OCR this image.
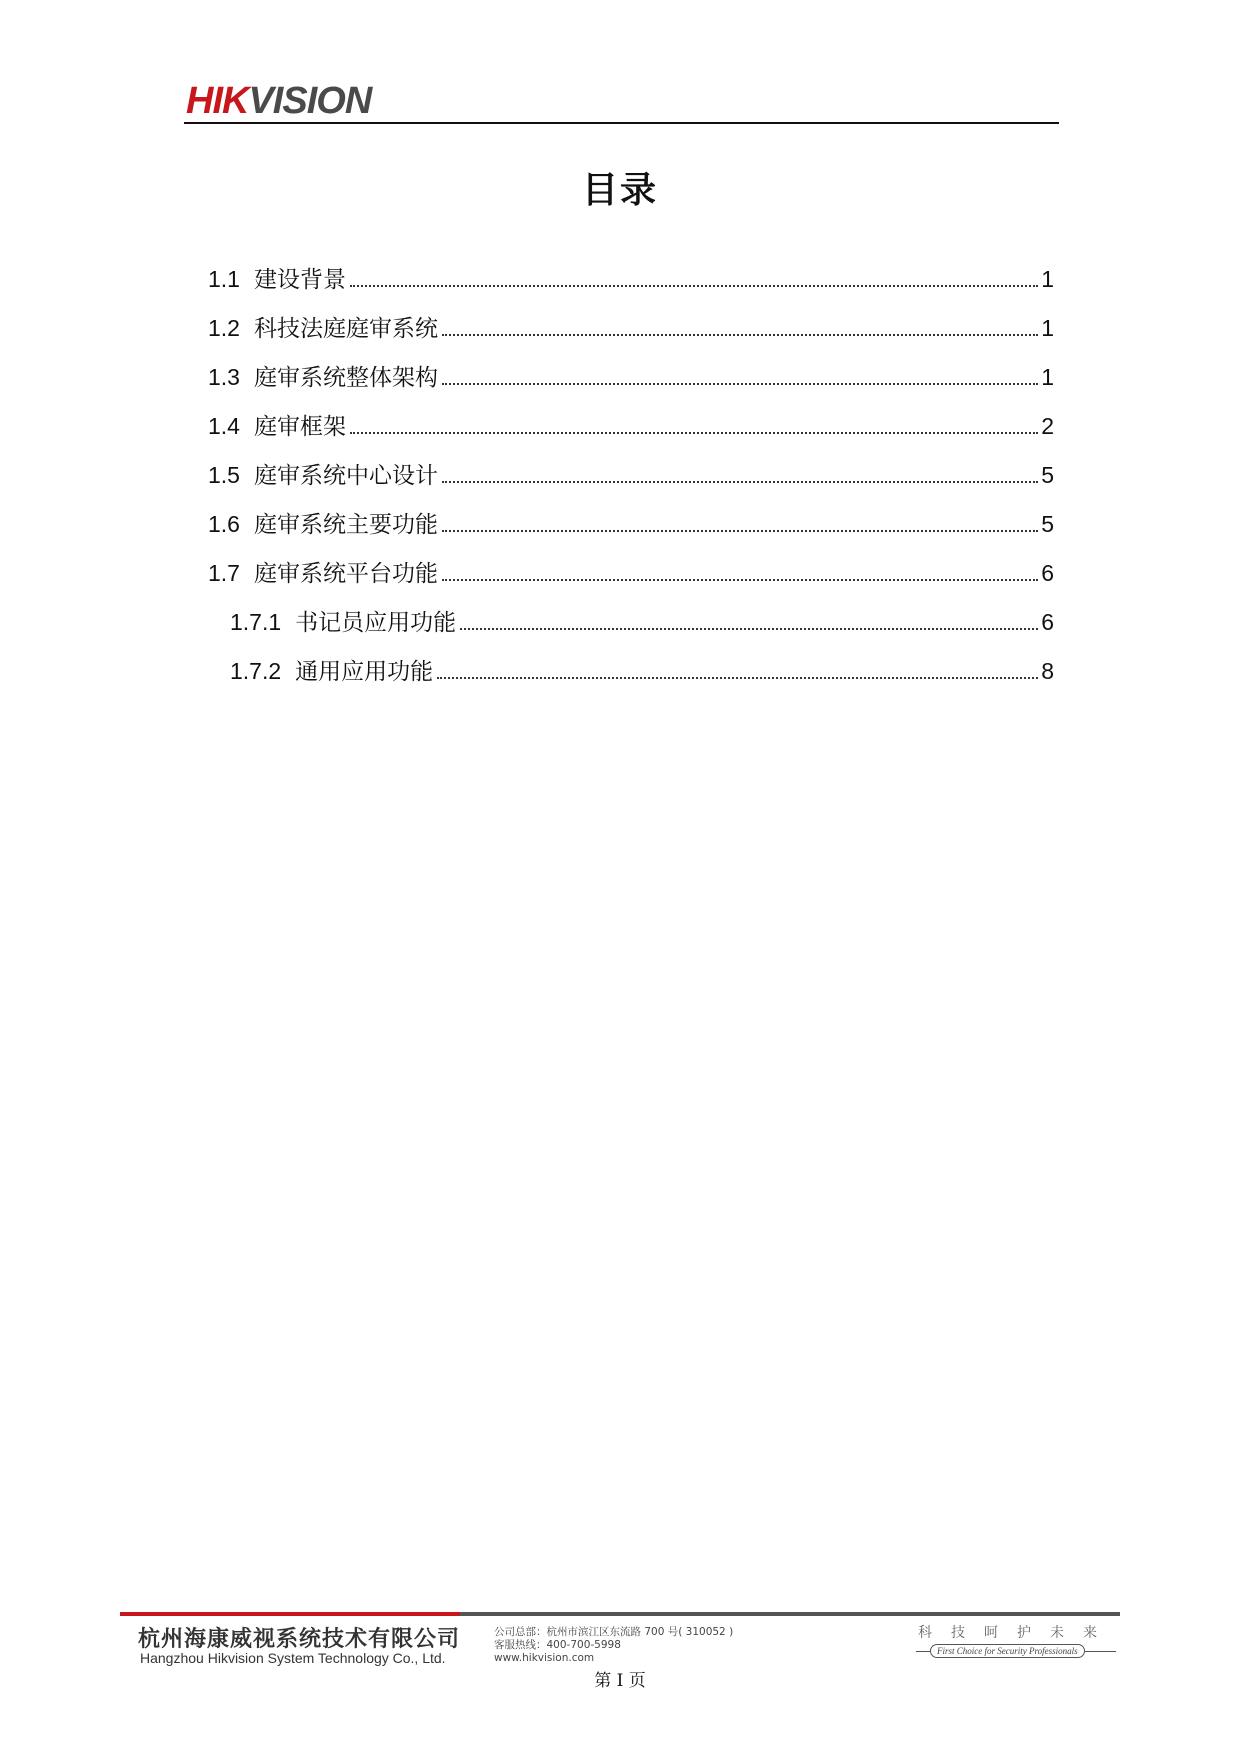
HIKVISION
目录
1.1 建设背景	1
1.2 科技法庭庭审系统	1
1.3 庭审系统整体架构	1
1.4 庭审框架	2
1.5 庭审系统中心设计	5
1.6 庭审系统主要功能	5
1.7 庭审系统平台功能	6
1.7.1 书记员应用功能	6
1.7.2 通用应用功能	8
杭州海康威视系统技术有限公司
Hangzhou Hikvision System Technology Co., Ltd.
公司总部：杭州市滨江区东流路 700 号( 310052 )
客服热线：400-700-5998
www.hikvision.com
科技呵护未来
First Choice for Security Professionals
第 I 页
